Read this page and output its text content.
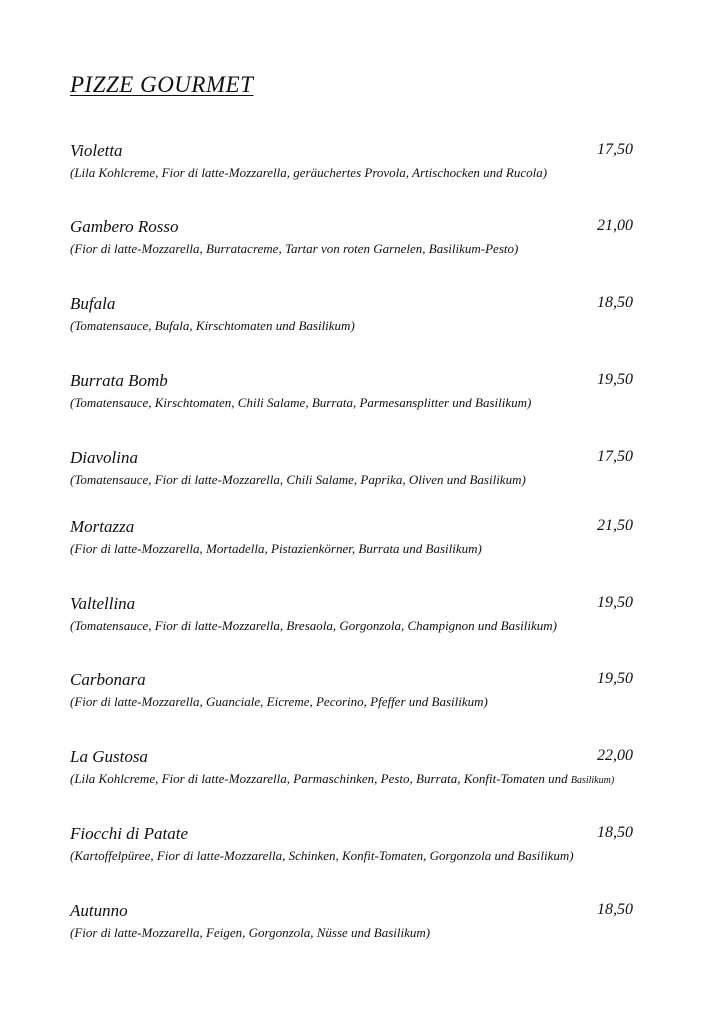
PIZZE GOURMET
Violetta	17,50
(Lila Kohlcreme, Fior di latte-Mozzarella, geräuchertes Provola, Artischocken und Rucola)
Gambero Rosso	21,00
(Fior di latte-Mozzarella, Burratacreme, Tartar von roten Garnelen, Basilikum-Pesto)
Bufala	18,50
(Tomatensauce, Bufala, Kirschtomaten und Basilikum)
Burrata Bomb	19,50
(Tomatensauce, Kirschtomaten, Chili Salame, Burrata, Parmesansplitter und Basilikum)
Diavolina	17,50
(Tomatensauce, Fior di latte-Mozzarella, Chili Salame, Paprika, Oliven und Basilikum)
Mortazza	21,50
(Fior di latte-Mozzarella, Mortadella, Pistazienkörner, Burrata und Basilikum)
Valtellina	19,50
(Tomatensauce, Fior di latte-Mozzarella, Bresaola, Gorgonzola, Champignon und Basilikum)
Carbonara	19,50
(Fior di latte-Mozzarella, Guanciale, Eicreme, Pecorino, Pfeffer und Basilikum)
La Gustosa	22,00
(Lila Kohlcreme, Fior di latte-Mozzarella, Parmaschinken, Pesto, Burrata, Konfit-Tomaten und Basilikum)
Fiocchi di Patate	18,50
(Kartoffelpüree, Fior di latte-Mozzarella, Schinken, Konfit-Tomaten, Gorgonzola und Basilikum)
Autunno	18,50
(Fior di latte-Mozzarella, Feigen, Gorgonzola, Nüsse und Basilikum)
